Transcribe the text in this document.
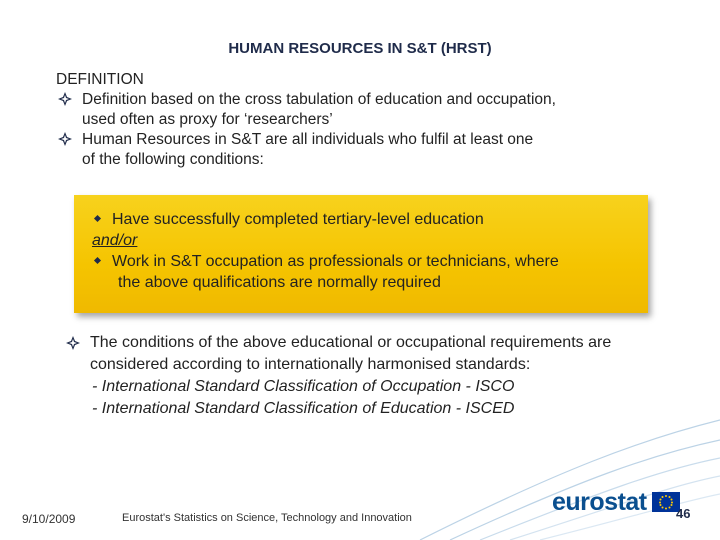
HUMAN RESOURCES IN S&T (HRST)
DEFINITION
Definition based on the cross tabulation of education and occupation,
used often as proxy for ‘researchers’
Human Resources in S&T are all individuals who fulfil at least one
of the following conditions:
Have successfully completed tertiary-level education
and/or
Work in S&T occupation as professionals or technicians, where
the above qualifications are normally required
The conditions of the above educational or occupational requirements are
considered according to internationally harmonised standards:
- International Standard Classification of Occupation - ISCO
- International Standard Classification of Education - ISCED
9/10/2009	Eurostat's Statistics on Science, Technology and Innovation
eurostat 46
